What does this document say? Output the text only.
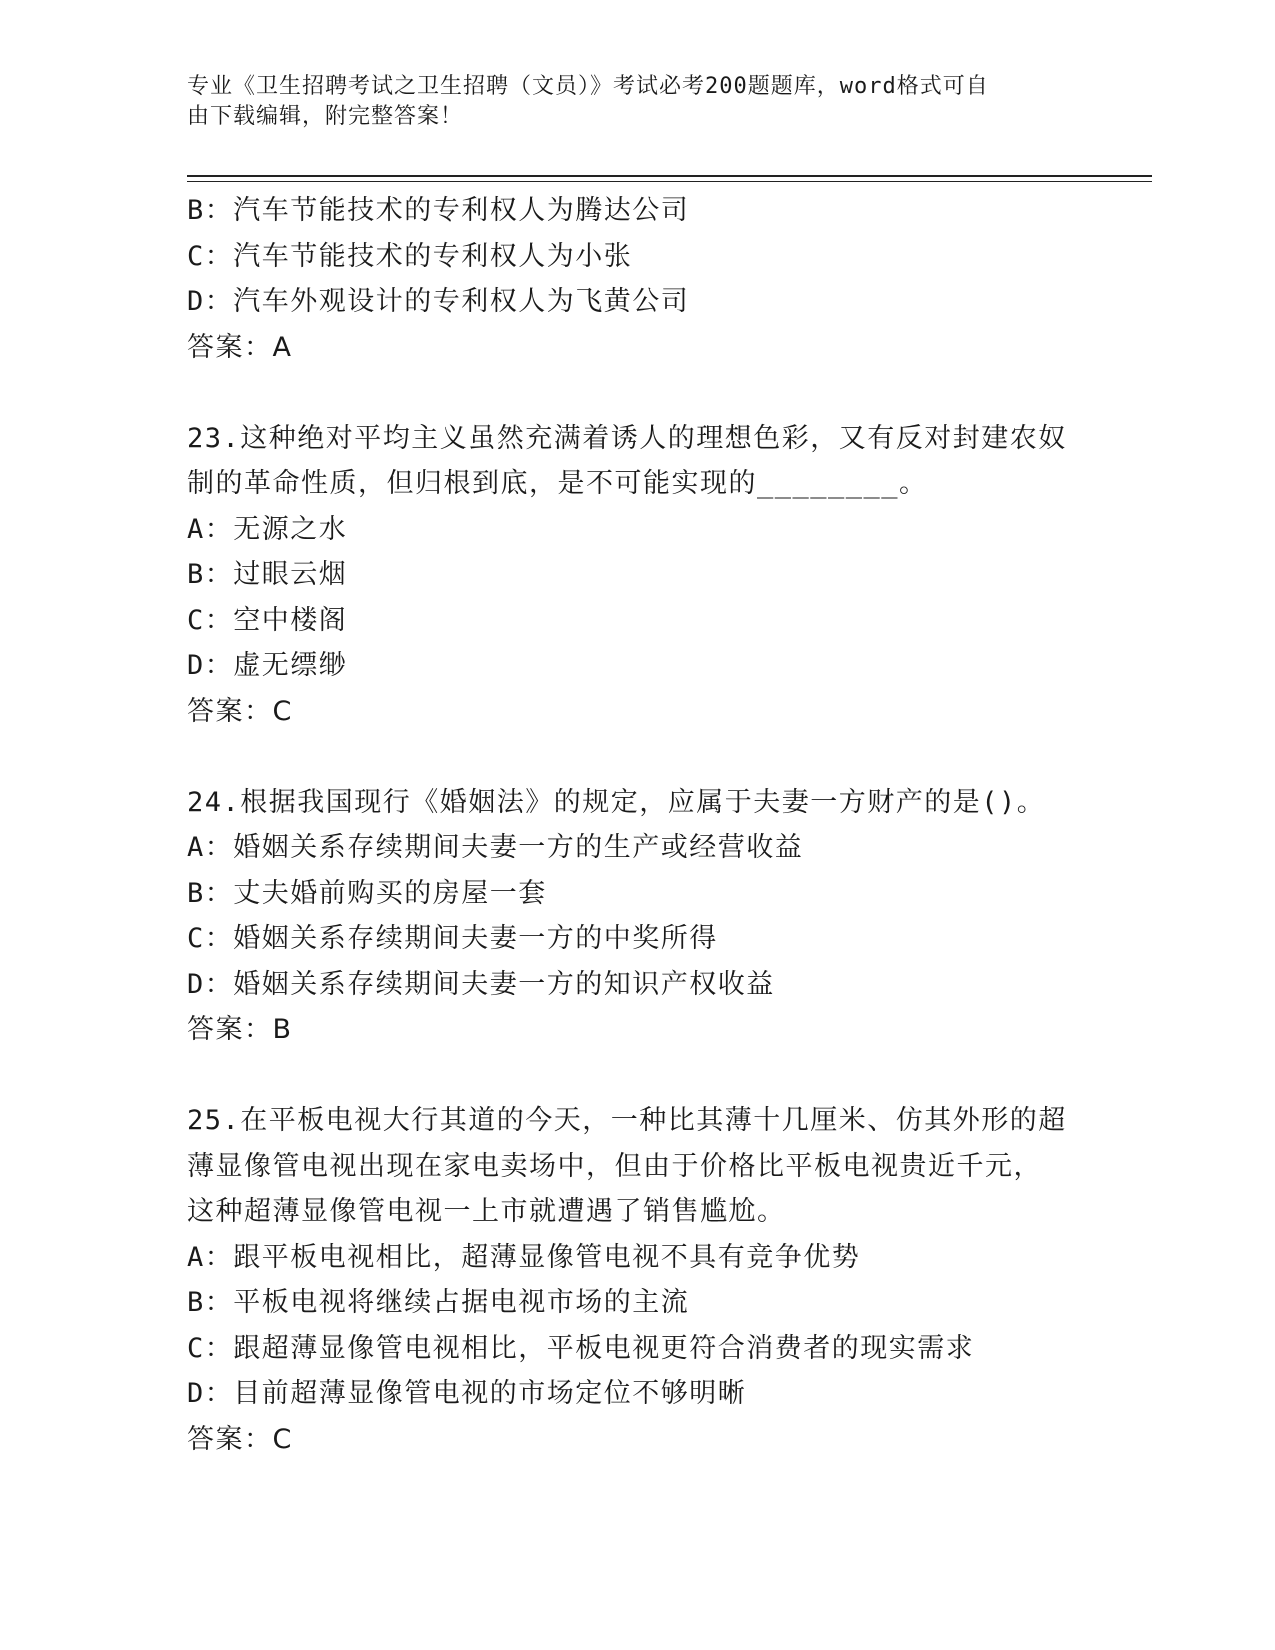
专业《卫生招聘考试之卫生招聘（文员）》考试必考200题题库，word格式可自
由下载编辑，附完整答案！
B：汽车节能技术的专利权人为腾达公司
C：汽车节能技术的专利权人为小张
D：汽车外观设计的专利权人为飞黄公司
答案：A
23.这种绝对平均主义虽然充满着诱人的理想色彩，又有反对封建农奴
制的革命性质，但归根到底，是不可能实现的________。
A：无源之水
B：过眼云烟
C：空中楼阁
D：虚无缥缈
答案：C
24.根据我国现行《婚姻法》的规定，应属于夫妻一方财产的是()。
A：婚姻关系存续期间夫妻一方的生产或经营收益
B：丈夫婚前购买的房屋一套
C：婚姻关系存续期间夫妻一方的中奖所得
D：婚姻关系存续期间夫妻一方的知识产权收益
答案：B
25.在平板电视大行其道的今天，一种比其薄十几厘米、仿其外形的超
薄显像管电视出现在家电卖场中，但由于价格比平板电视贵近千元，
这种超薄显像管电视一上市就遭遇了销售尴尬。
A：跟平板电视相比，超薄显像管电视不具有竞争优势
B：平板电视将继续占据电视市场的主流
C：跟超薄显像管电视相比，平板电视更符合消费者的现实需求
D：目前超薄显像管电视的市场定位不够明晰
答案：C
